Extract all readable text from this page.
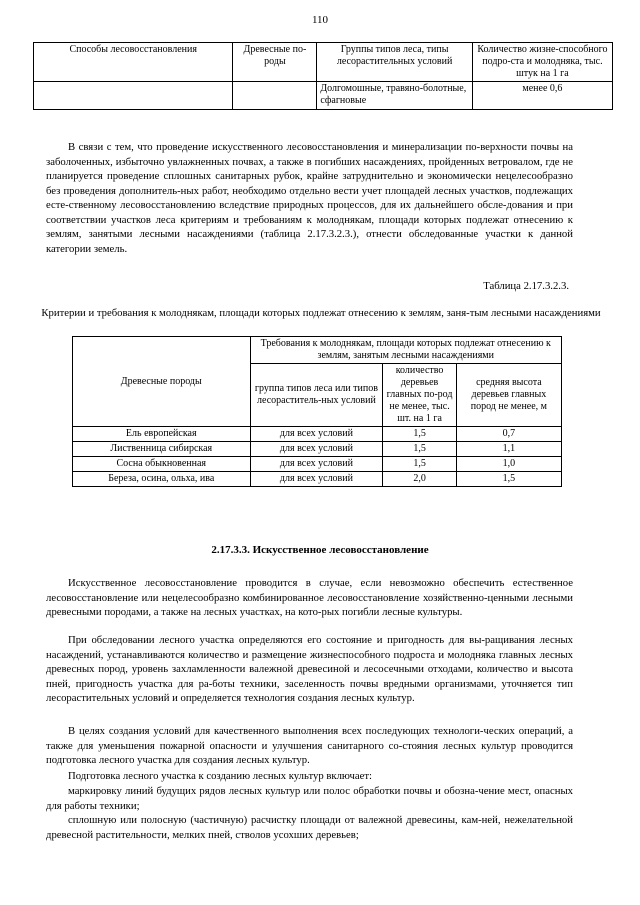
110
Способы лесовосстановления	Древесные по-роды	Группы типов леса, типы лесорастительных условий	Количество жизне-способного подро-ста и молодняка, тыс. штук на 1 га
		Долгомошные, травяно-болотные, сфагновые	менее 0,6

В связи с тем, что проведение искусственного лесовосстановления и минерализации по-верхности почвы на заболоченных, избыточно увлажненных почвах, а также в погибших насаждениях, пройденных ветровалом, где не планируется проведение сплошных санитарных рубок, крайне затруднительно и экономически нецелесообразно без проведения дополнитель-ных работ, необходимо отдельно вести учет площадей лесных участков, подлежащих есте-ственному лесовосстановлению вследствие природных процессов, для их дальнейшего обсле-дования и при соответствии участков леса критериям и требованиям к молоднякам, площади которых подлежат отнесению к землям, занятыми лесными насаждениями (таблица 2.17.3.2.3.), отнести обследованные участки к данной категории земель.

Таблица 2.17.3.2.3.
Критерии и требования к молоднякам, площади которых подлежат отнесению к землям, заня-тым лесными насаждениями
Древесные породы	Требования к молоднякам, площади которых подлежат отнесению к землям, занятым лесными насаждениями		
	группа типов леса или типов лесораститель-ных условий	количество деревьев главных по-род не менее, тыс. шт. на 1 га	средняя высота деревьев главных пород не менее, м
Ель европейская	для всех условий	1,5	0,7
Лиственница сибирская	для всех условий	1,5	1,1
Сосна обыкновенная	для всех условий	1,5	1,0
Береза, осина, ольха, ива	для всех условий	2,0	1,5
2.17.3.3. Искусственное лесовосстановление

Искусственное лесовосстановление проводится в случае, если невозможно обеспечить естественное лесовосстановление или нецелесообразно комбинированное лесовосстановление хозяйственно-ценными лесными древесными породами, а также на лесных участках, на кото-рых погибли лесные культуры.

При обследовании лесного участка определяются его состояние и пригодность для вы-ращивания лесных насаждений, устанавливаются количество и размещение жизнеспособного подроста и молодняка главных лесных древесных пород, уровень захламленности валежной древесиной и лесосечными отходами, количество и высота пней, пригодность участка для ра-боты техники, заселенность почвы вредными организмами, уточняется тип лесорастительных условий и определяется технология создания лесных культур.

В целях создания условий для качественного выполнения всех последующих технологи-ческих операций, а также для уменьшения пожарной опасности и улучшения санитарного со-стояния лесных культур проводится подготовка лесного участка для создания лесных культур.

Подготовка лесного участка к созданию лесных культур включает:

маркировку линий будущих рядов лесных культур или полос обработки почвы и обозна-чение мест, опасных для работы техники;

сплошную или полосную (частичную) расчистку площади от валежной древесины, кам-ней, нежелательной древесной растительности, мелких пней, стволов усохших деревьев;
